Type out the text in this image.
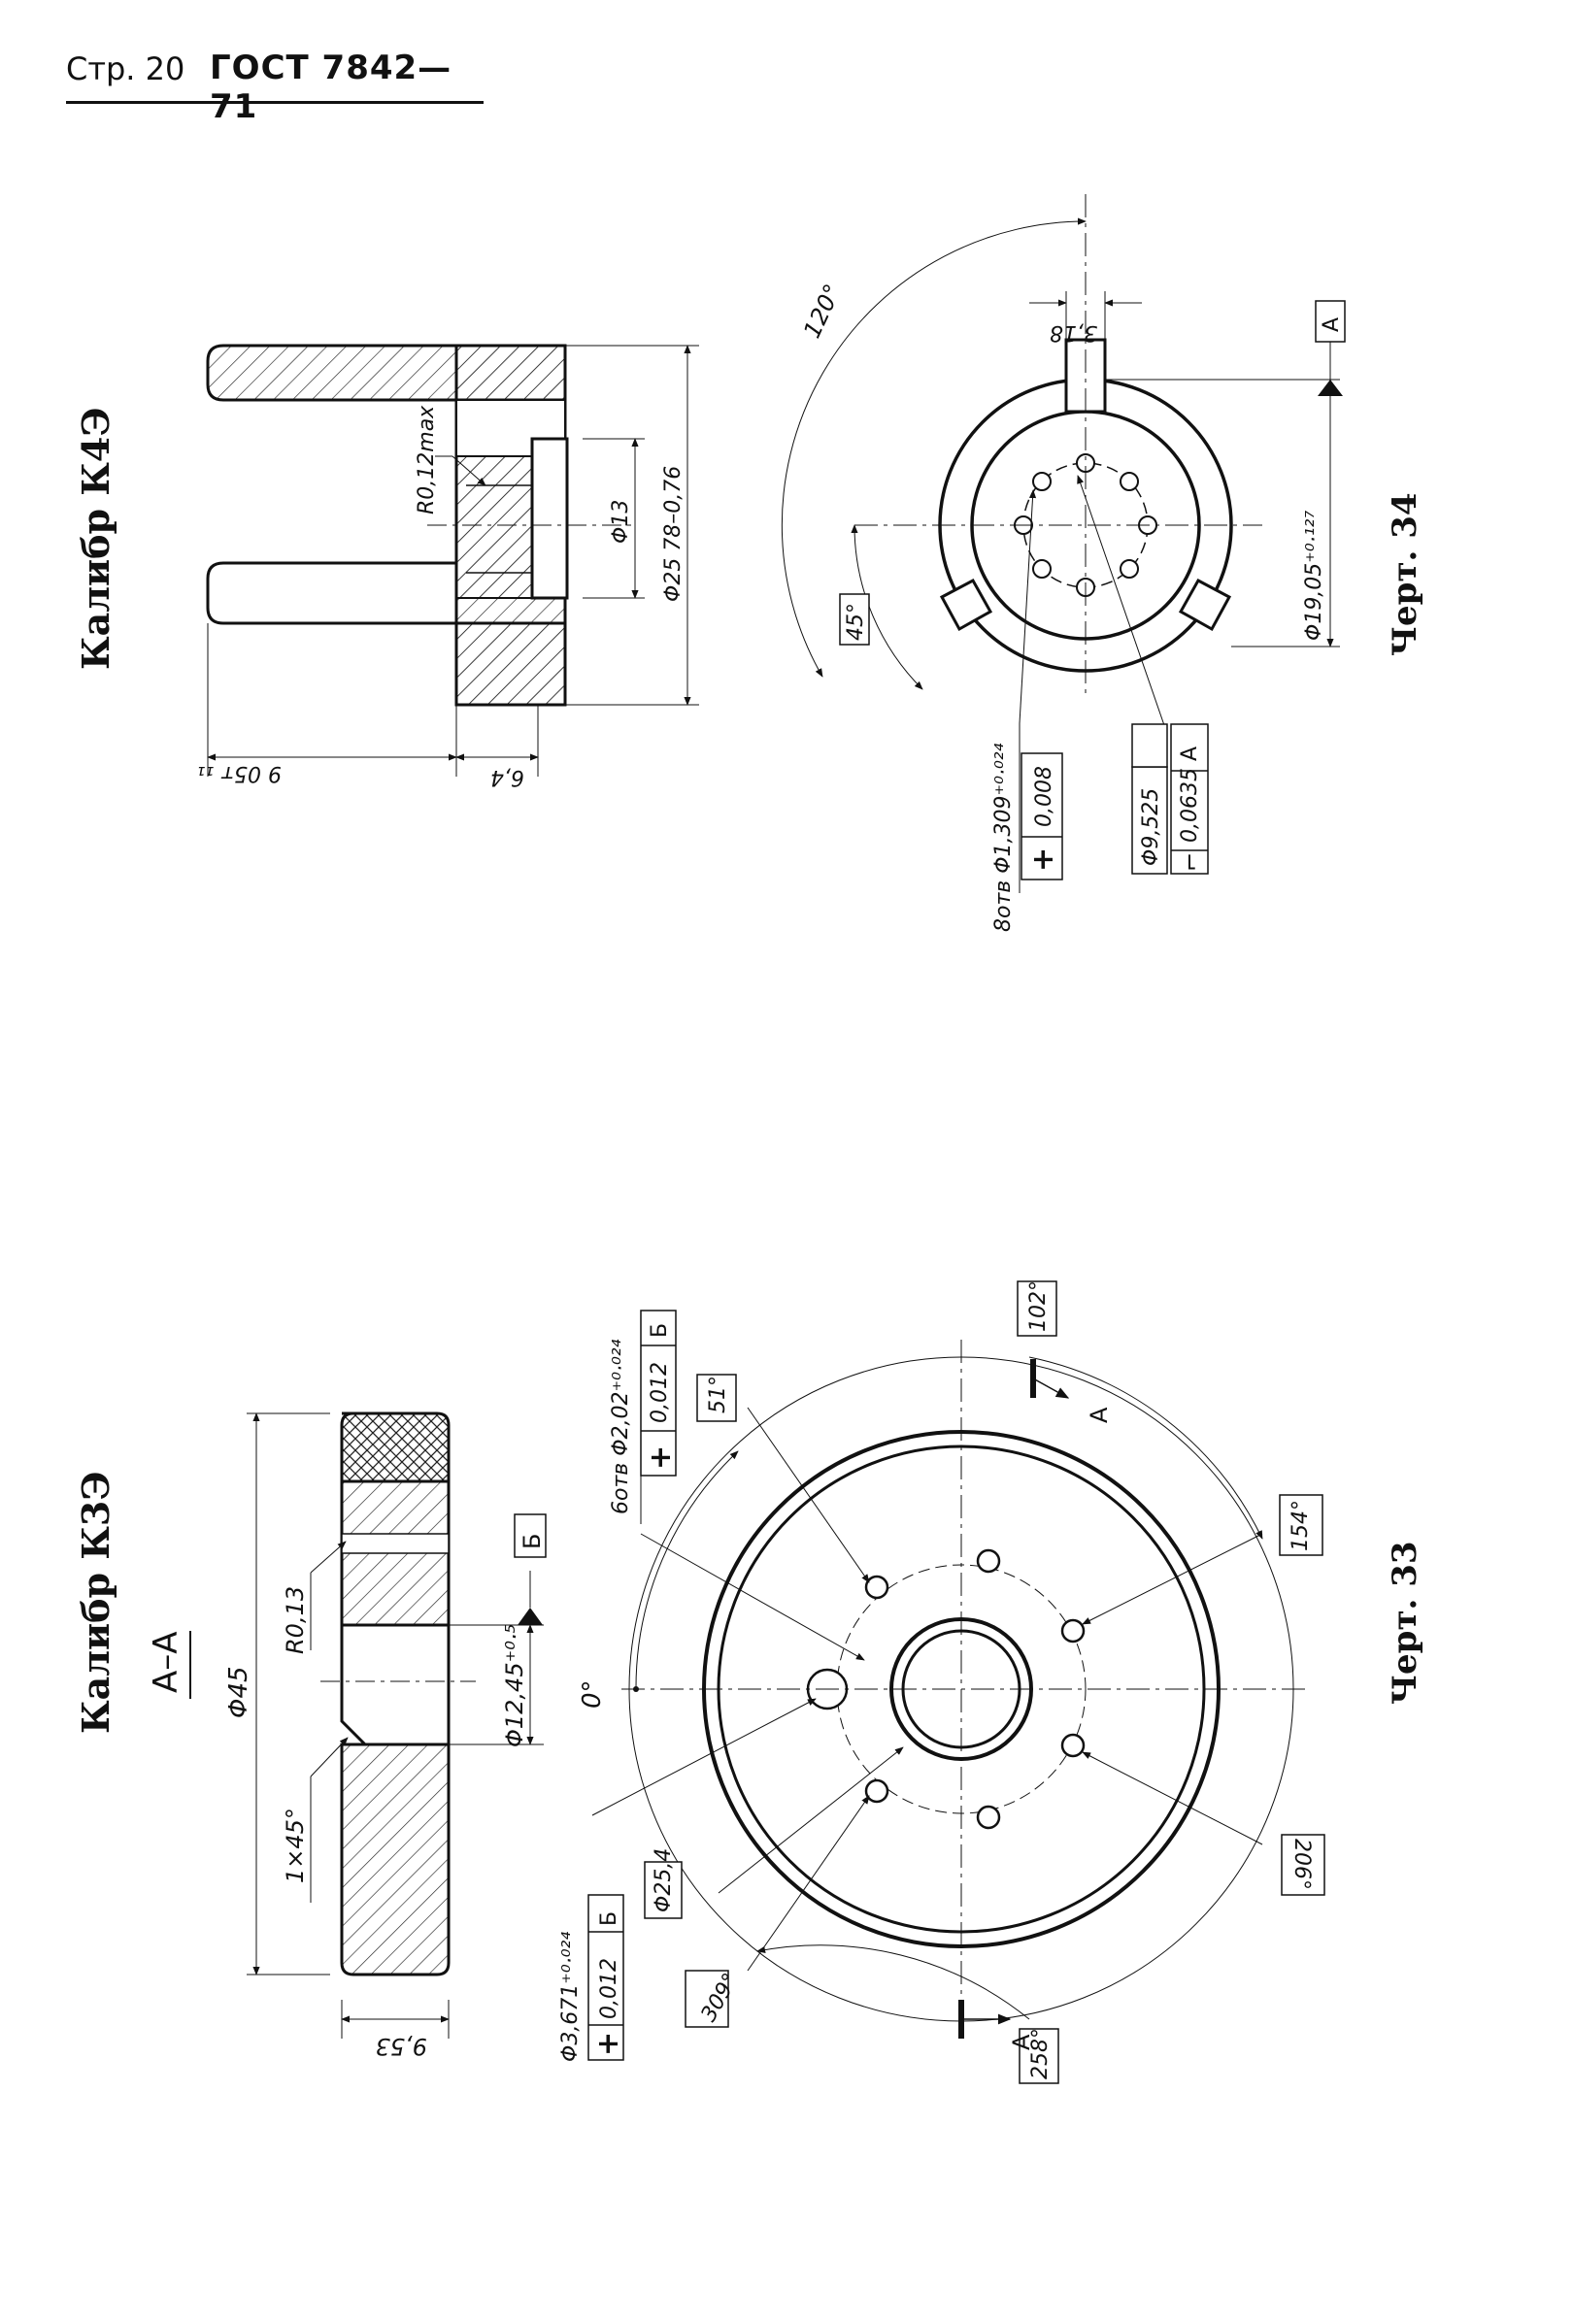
Стр. 20 ГОСТ 7842—71
Калибр К4Э	R0,12max
Φ13 Φ25 78–0,76
9 05т ₁₁	6,4
3,18
Φ19,05⁺⁰·¹²⁷
А
120°
45°
8отв Φ1,309⁺⁰·⁰²⁴ +
0,008	Φ9,525 ⌐
0,0635
А
Черт. 34
Калибр К3Э А–А Φ45
R0,13
1×45°
Φ12,45⁺⁰·⁵
Б
9,53
А
А
0°
51°
102°
154°
206°
258°
309°
Φ25,4
6отв Φ2,02⁺⁰·⁰²⁴ +
0,012
Б
Φ3,671⁺⁰·⁰²⁴ +
0,012
Б
Черт. 33
